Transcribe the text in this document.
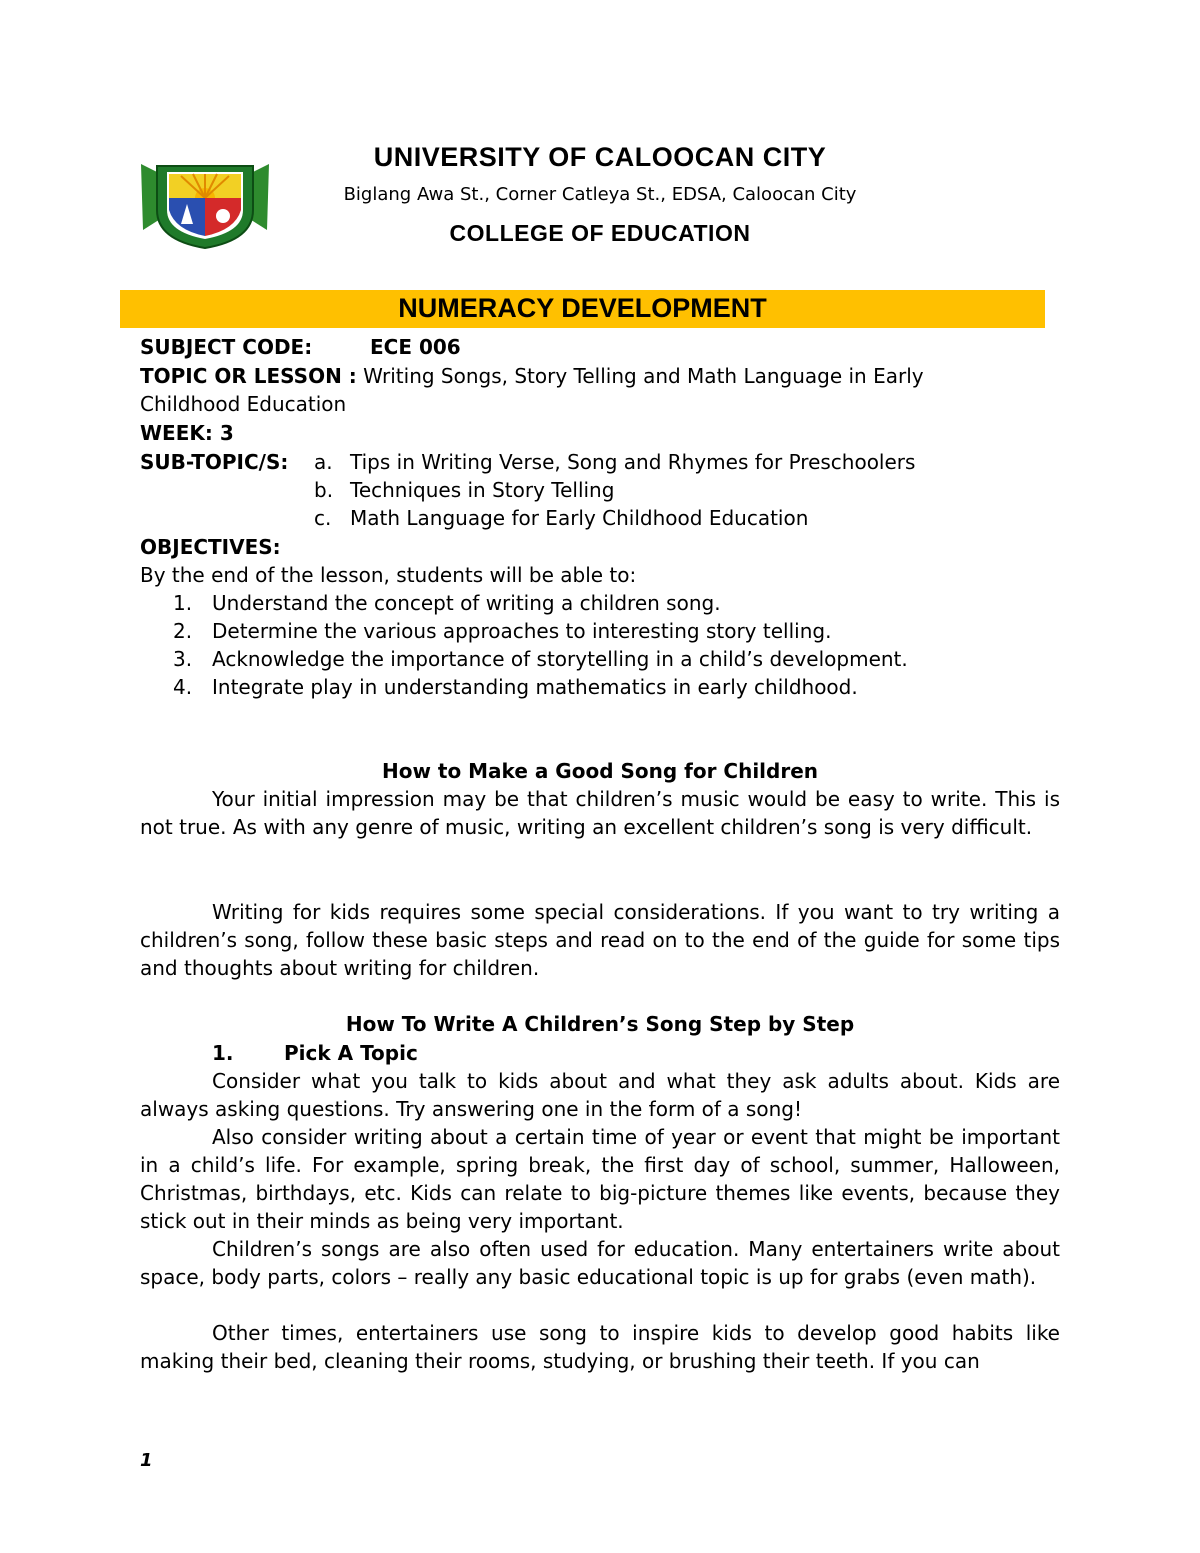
UNIVERSITY OF CALOOCAN CITY
Biglang Awa St., Corner Catleya St., EDSA, Caloocan City
COLLEGE OF EDUCATION
NUMERACY DEVELOPMENT
SUBJECT CODE:	ECE 006
TOPIC OR LESSON : Writing Songs, Story Telling and Math Language in Early
Childhood Education
WEEK: 3
SUB-TOPIC/S: a. Tips in Writing Verse, Song and Rhymes for Preschoolers
b. Techniques in Story Telling
c. Math Language for Early Childhood Education
OBJECTIVES:
By the end of the lesson, students will be able to:
1. Understand the concept of writing a children song.
2. Determine the various approaches to interesting story telling.
3. Acknowledge the importance of storytelling in a child’s development.
4. Integrate play in understanding mathematics in early childhood.
How to Make a Good Song for Children
Your initial impression may be that children’s music would be easy to write. This is not true. As with any genre of music, writing an excellent children’s song is very difficult.
Writing for kids requires some special considerations. If you want to try writing a children’s song, follow these basic steps and read on to the end of the guide for some tips and thoughts about writing for children.
How To Write A Children’s Song Step by Step
1.	Pick A Topic
Consider what you talk to kids about and what they ask adults about. Kids are always asking questions. Try answering one in the form of a song!
Also consider writing about a certain time of year or event that might be important in a child’s life. For example, spring break, the first day of school, summer, Halloween, Christmas, birthdays, etc. Kids can relate to big-picture themes like events, because they stick out in their minds as being very important.
Children’s songs are also often used for education. Many entertainers write about space, body parts, colors – really any basic educational topic is up for grabs (even math).
Other times, entertainers use song to inspire kids to develop good habits like making their bed, cleaning their rooms, studying, or brushing their teeth. If you can
1
